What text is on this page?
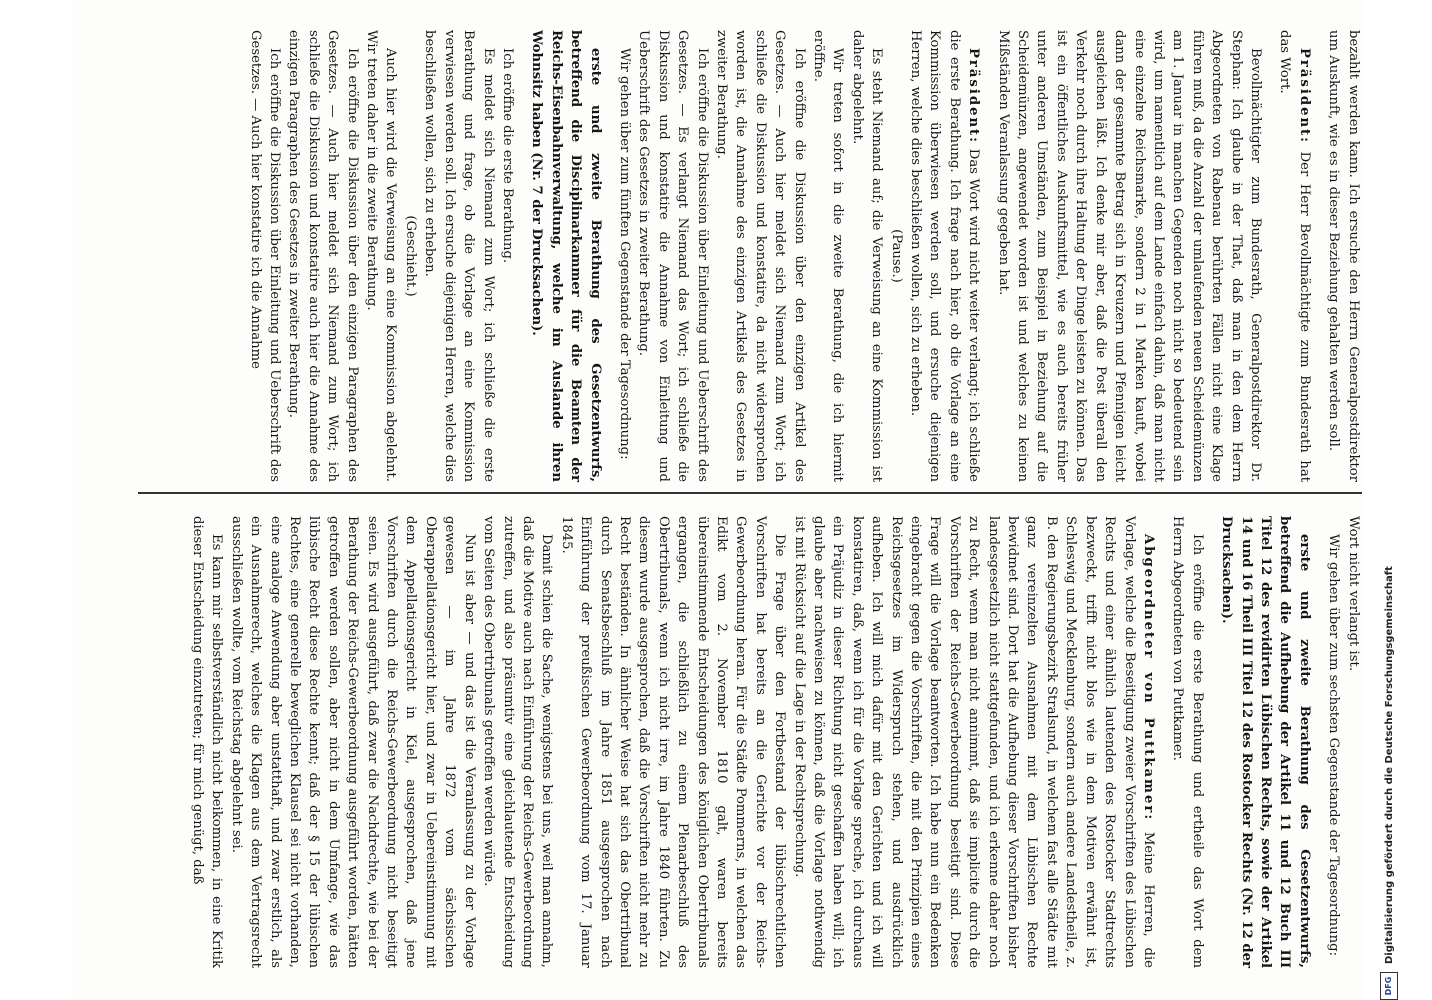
bezahlt werden kann. Ich ersuche den Herrn Generalpostdirektor um Auskunft, wie es in dieser Beziehung gehalten werden soll.

Präsident: Der Herr Bevollmächtigte zum Bundesrath hat das Wort.

Bevollmächtigter zum Bundesrath, Generalpostdirektor Dr. Stephan: Ich glaube in der That, daß man in den dem Herrn Abgeordneten von Rabenau berührten Fällen nicht eine Klage führen muß, da die Anzahl der umlaufenden neuen Scheidemünzen am 1. Januar in manchen Gegenden noch nicht so bedeutend sein wird, um namentlich auf dem Lande einfach dahin, daß man nicht eine einzelne Reichsmarke, sondern 2 in 1 Marken kauft, wobei dann der gesammte Betrag sich in Kreuzern und Pfennigen leicht ausgleichen läßt. Ich denke mir aber, daß die Post überall den Verkehr noch durch ihre Haltung der Dinge leisten zu können. Das ist ein öffentliches Auskunftsmittel, wie es auch bereits früher unter anderen Umständen, zum Beispiel in Beziehung auf die Scheidemünzen, angewendet worden ist und welches zu keinen Mißständen Veranlassung gegeben hat.

Präsident: Das Wort wird nicht weiter verlangt; ich schließe die erste Berathung. Ich frage nach hier, ob die Vorlage an eine Kommission überwiesen werden soll, und ersuche diejenigen Herren, welche dies beschließen wollen, sich zu erheben.

(Pause.)

Es steht Niemand auf; die Verweisung an eine Kommission ist daher abgelehnt.

Wir treten sofort in die zweite Berathung, die ich hiermit eröffne.

Ich eröffne die Diskussion über den einzigen Artikel des Gesetzes. — Auch hier meldet sich Niemand zum Wort; ich schließe die Diskussion und konstatire, da nicht widersprochen worden ist, die Annahme des einzigen Artikels des Gesetzes in zweiter Berathung.

Ich eröffne die Diskussion über Einleitung und Ueberschrift des Gesetzes. — Es verlangt Niemand das Wort; ich schließe die Diskussion und konstatire die Annahme von Einleitung und Ueberschrift des Gesetzes in zweiter Berathung.

Wir gehen über zum fünften Gegenstande der Tagesordnung:

erste und zweite Berathung des Gesetzentwurfs, betreffend die Disciplinarkammer für die Beamten der Reichs-Eisenbahnverwaltung, welche im Auslande ihren Wohnsitz haben (Nr. 7 der Drucksachen).

Ich eröffne die erste Berathung.

Es meldet sich Niemand zum Wort; ich schließe die erste Berathung und frage, ob die Vorlage an eine Kommission verwiesen werden soll. Ich ersuche diejenigen Herren, welche dies beschließen wollen, sich zu erheben.

(Geschieht.)

Auch hier wird die Verweisung an eine Kommission abgelehnt. Wir treten daher in die zweite Berathung.

Ich eröffne die Diskussion über den einzigen Paragraphen des Gesetzes. — Auch hier meldet sich Niemand zum Wort; ich schließe die Diskussion und konstatire auch hier die Annahme des einzigen Paragraphen des Gesetzes in zweiter Berathung.

Ich eröffne die Diskussion über Einleitung und Ueberschrift des Gesetzes. — Auch hier konstatire ich die Annahme

Wort nicht verlangt ist.

Wir gehen über zum sechsten Gegenstande der Tagesordnung:

erste und zweite Berathung des Gesetzentwurfs, betreffend die Aufhebung der Artikel 11 und 12 Buch III Titel 12 des revidirten Lübischen Rechts, sowie der Artikel 14 und 16 Theil III Titel 12 des Rostocker Rechts (Nr. 12 der Drucksachen).

Ich eröffne die erste Berathung und ertheile das Wort dem Herrn Abgeordneten von Puttkamer.

Abgeordneter von Puttkamer: Meine Herren, die Vorlage, welche die Beseitigung zweier Vorschriften des Lübischen Rechts und einer ähnlich lautenden des Rostocker Stadtrechts bezweckt, trifft nicht blos wie in dem Motiven erwähnt ist, Schleswig und Mecklenburg, sondern auch andere Landestheile, z. B. den Regierungsbezirk Stralsund, in welchem fast alle Städte mit ganz vereinzelten Ausnahmen mit dem Lübischen Rechte bewidmet sind. Dort hat die Aufhebung dieser Vorschriften bisher landesgesetzlich nicht stattgefunden, und ich erkenne daher noch zu Recht, wenn man nicht annimmt, daß sie implicite durch die Vorschriften der Reichs-Gewerbeordnung beseitigt sind. Diese Frage will die Vorlage beantworten. Ich habe nun ein Bedenken eingebracht gegen die Vorschriften, die mit den Prinzipien eines Reichsgesetzes im Widerspruch stehen, und ausdrücklich aufheben. Ich will mich dafür mit den Gerichten und ich will konstatiren, daß, wenn ich für die Vorlage spreche, ich durchaus ein Präjudiz in dieser Richtung nicht geschaffen haben will; ich glaube aber nachweisen zu können, daß die Vorlage nothwendig ist mit Rücksicht auf die Lage in der Rechtsprechung.

Die Frage über den Fortbestand der lübischrechtlichen Vorschriften hat bereits an die Gerichte vor der Reichs-Gewerbeordnung heran. Für die Städte Pommerns, in welchen das Edikt vom 2. November 1810 galt, waren bereits übereinstimmende Entscheidungen des königlichen Obertribunals ergangen, die schließlich zu einem Plenarbeschluß des Obertribunals, wenn ich nicht irre, im Jahre 1840 führten. Zu diesem wurde ausgesprochen, daß die Vorschriften nicht mehr zu Recht beständen. In ähnlicher Weise hat sich das Obertribunal durch Senatsbeschluß im Jahre 1851 ausgesprochen nach Einführung der preußischen Gewerbeordnung vom 17. Januar 1845.

Damit schien die Sache, wenigstens bei uns, weil man annahm, daß die Motive auch nach Einführung der Reichs-Gewerbeordnung zutreffen, und also präsumtiv eine gleichlautende Entscheidung vom Seiten des Obertribunals getroffen werden würde.

Nun ist aber — und das ist die Veranlassung zu der Vorlage gewesen — im Jahre 1872 vom sächsischen Oberappellationsgericht hier, und zwar in Uebereinstimmung mit dem Appellationsgericht in Kiel, ausgesprochen, daß jene Vorschriften durch die Reichs-Gewerbeordnung nicht beseitigt seien. Es wird ausgeführt, daß zwar die Nachdrechte, wie bei der Berathung der Reichs-Gewerbeordnung ausgeführt worden, hätten getroffen werden sollen, aber nicht in dem Umfange, wie das lübische Recht diese Rechte kennt; daß der § 15 der lübischen Rechtes, eine generelle beweglichen Klausel sei nicht vorhanden, eine analoge Anwendung aber unstatthaft, und zwar erstlich, als ein Ausnahmerecht, welches die Klagen aus dem Vertragsrecht ausschließen wollte, vom Reichstag abgelehnt sei.

Es kann mir selbstverständlich nicht beikommen, in eine Kritik dieser Entscheidung einzutreten; für mich genügt, daß

DFG
Digitalisierung gefördert durch die Deutsche Forschungsgemeinschaft
